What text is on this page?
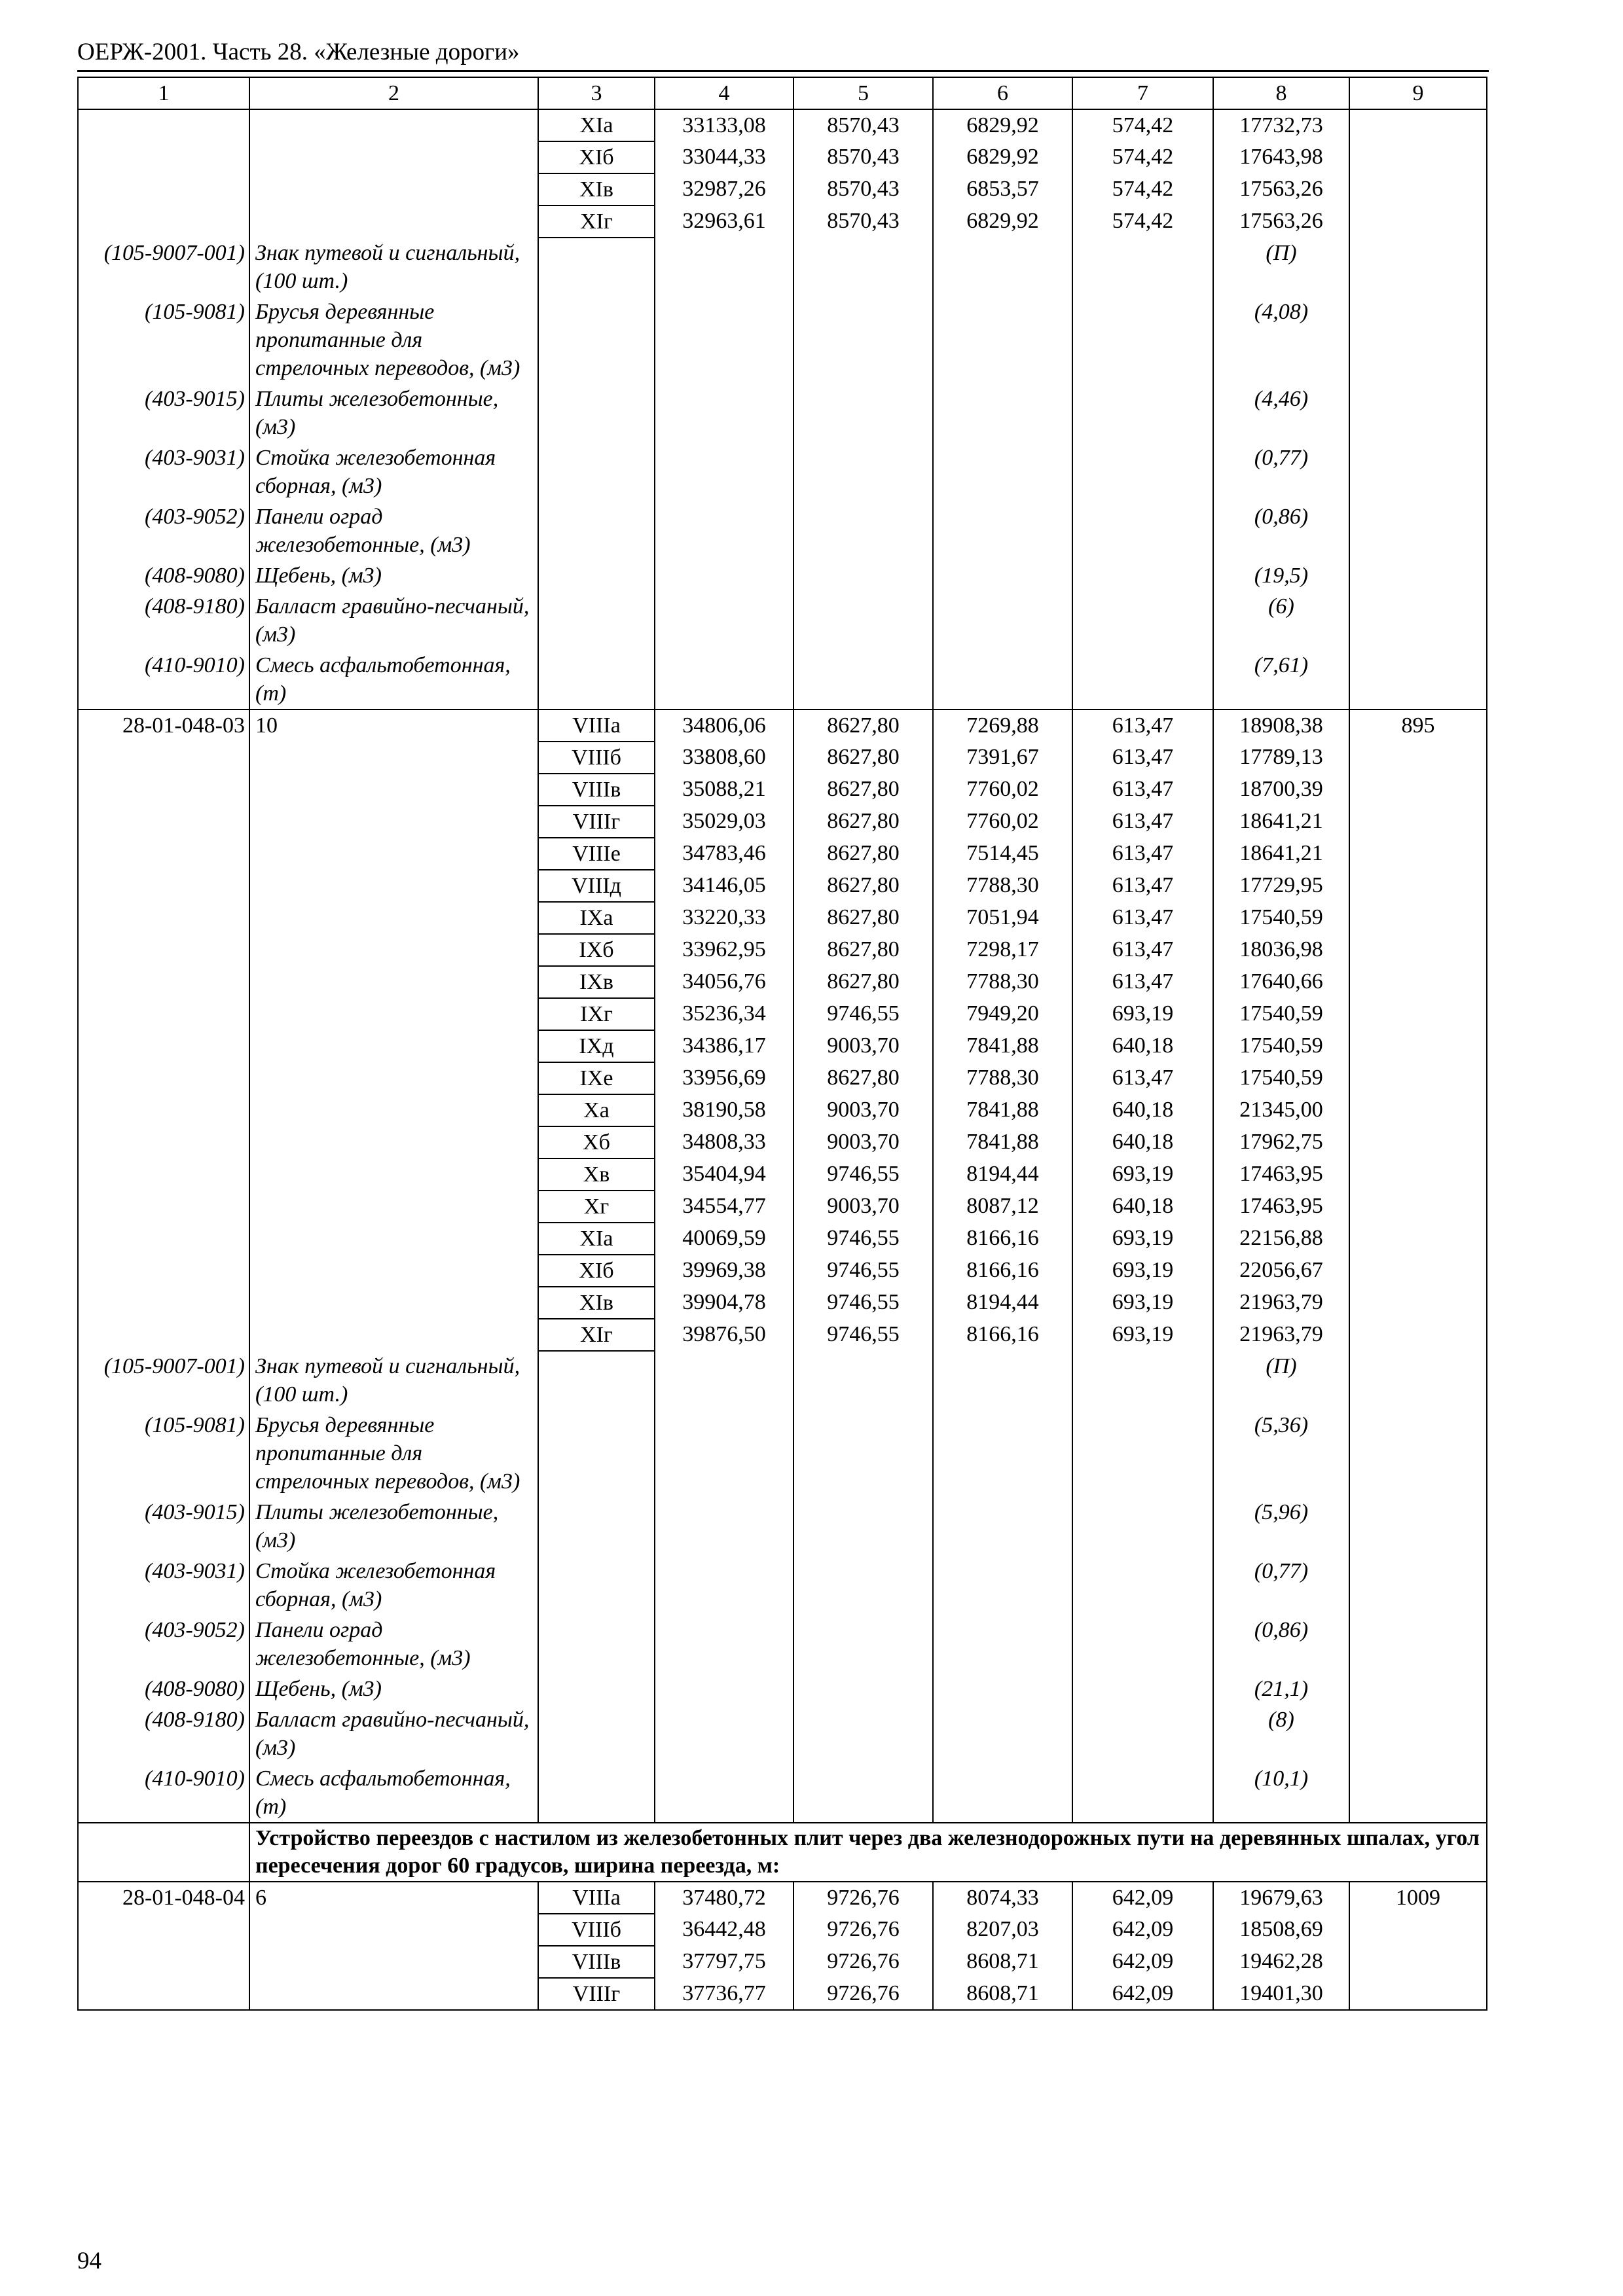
ОЕРЖ-2001. Часть 28. «Железные дороги»
1	2	3	4	5	6	7	8	9
		XIа	33133,08	8570,43	6829,92	574,42	17732,73	
		XIб	33044,33	8570,43	6829,92	574,42	17643,98	
		XIв	32987,26	8570,43	6853,57	574,42	17563,26	
		XIг	32963,61	8570,43	6829,92	574,42	17563,26	
(105-9007-001)	Знак путевой и сигнальный, (100 шт.)						(П)	
(105-9081)	Брусья деревянные пропитанные для стрелочных переводов, (м3)						(4,08)	
(403-9015)	Плиты железобетонные, (м3)						(4,46)	
(403-9031)	Стойка железобетонная сборная, (м3)						(0,77)	
(403-9052)	Панели оград железобетонные, (м3)						(0,86)	
(408-9080)	Щебень, (м3)						(19,5)	
(408-9180)	Балласт гравийно-песчаный, (м3)						(6)	
(410-9010)	Смесь асфальтобетонная, (т)						(7,61)	
28-01-048-03	10	VIIIа	34806,06	8627,80	7269,88	613,47	18908,38	895
		VIIIб	33808,60	8627,80	7391,67	613,47	17789,13	
		VIIIв	35088,21	8627,80	7760,02	613,47	18700,39	
		VIIIг	35029,03	8627,80	7760,02	613,47	18641,21	
		VIIIе	34783,46	8627,80	7514,45	613,47	18641,21	
		VIIIд	34146,05	8627,80	7788,30	613,47	17729,95	
		IXа	33220,33	8627,80	7051,94	613,47	17540,59	
		IXб	33962,95	8627,80	7298,17	613,47	18036,98	
		IXв	34056,76	8627,80	7788,30	613,47	17640,66	
		IXг	35236,34	9746,55	7949,20	693,19	17540,59	
		IXд	34386,17	9003,70	7841,88	640,18	17540,59	
		IXе	33956,69	8627,80	7788,30	613,47	17540,59	
		Xа	38190,58	9003,70	7841,88	640,18	21345,00	
		Xб	34808,33	9003,70	7841,88	640,18	17962,75	
		Xв	35404,94	9746,55	8194,44	693,19	17463,95	
		Xг	34554,77	9003,70	8087,12	640,18	17463,95	
		XIа	40069,59	9746,55	8166,16	693,19	22156,88	
		XIб	39969,38	9746,55	8166,16	693,19	22056,67	
		XIв	39904,78	9746,55	8194,44	693,19	21963,79	
		XIг	39876,50	9746,55	8166,16	693,19	21963,79	
(105-9007-001)	Знак путевой и сигнальный, (100 шт.)						(П)	
(105-9081)	Брусья деревянные пропитанные для стрелочных переводов, (м3)						(5,36)	
(403-9015)	Плиты железобетонные, (м3)						(5,96)	
(403-9031)	Стойка железобетонная сборная, (м3)						(0,77)	
(403-9052)	Панели оград железобетонные, (м3)						(0,86)	
(408-9080)	Щебень, (м3)						(21,1)	
(408-9180)	Балласт гравийно-песчаный, (м3)						(8)	
(410-9010)	Смесь асфальтобетонная, (т)						(10,1)	
	Устройство переездов с настилом из железобетонных плит через два железнодорожных пути на деревянных шпалах, угол пересечения дорог 60 градусов, ширина переезда, м:							
28-01-048-04	6	VIIIа	37480,72	9726,76	8074,33	642,09	19679,63	1009
		VIIIб	36442,48	9726,76	8207,03	642,09	18508,69	
		VIIIв	37797,75	9726,76	8608,71	642,09	19462,28	
		VIIIг	37736,77	9726,76	8608,71	642,09	19401,30	
94
